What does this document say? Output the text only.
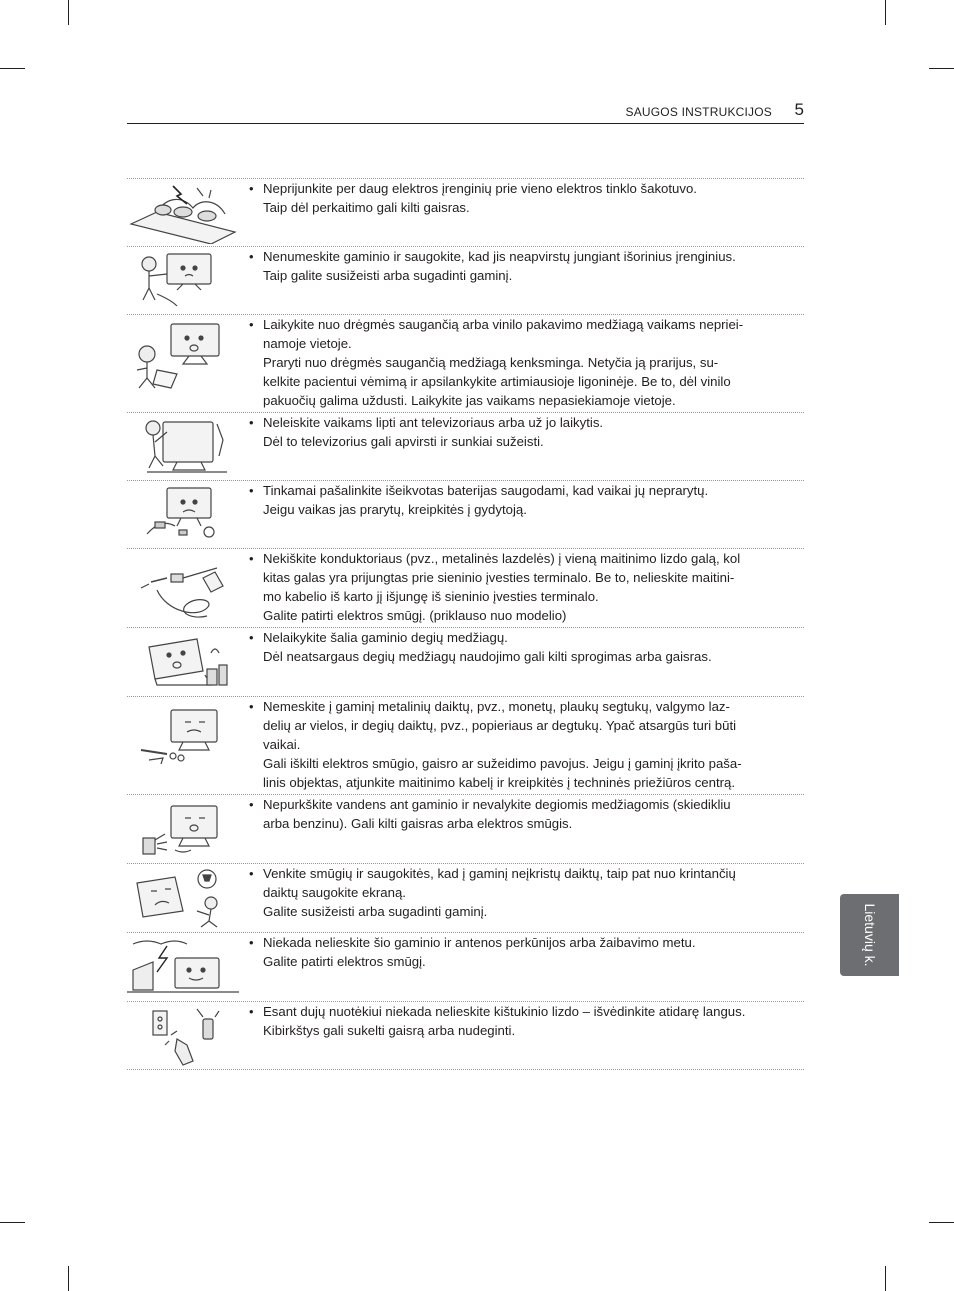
SAUGOS INSTRUKCIJOS 5
Lietuvių k.

• Neprijunkite per daug elektros įrenginių prie vieno elektros tinklo šakotuvo.
Taip dėl perkaitimo gali kilti gaisras.

• Nenumeskite gaminio ir saugokite, kad jis neapvirstų jungiant išorinius įrenginius.
Taip galite susižeisti arba sugadinti gaminį.

• Laikykite nuo drėgmės saugančią arba vinilo pakavimo medžiagą vaikams nepriei-
namoje vietoje.
Praryti nuo drėgmės saugančią medžiagą kenksminga. Netyčia ją prarijus, su-
kelkite pacientui vėmimą ir apsilankykite artimiausioje ligoninėje. Be to, dėl vinilo
pakuočių galima uždusti. Laikykite jas vaikams nepasiekiamoje vietoje.

• Neleiskite vaikams lipti ant televizoriaus arba už jo laikytis.
Dėl to televizorius gali apvirsti ir sunkiai sužeisti.

• Tinkamai pašalinkite išeikvotas baterijas saugodami, kad vaikai jų neprarytų.
Jeigu vaikas jas prarytų, kreipkitės į gydytoją.

• Nekiškite konduktoriaus (pvz., metalinės lazdelės) į vieną maitinimo lizdo galą, kol
kitas galas yra prijungtas prie sieninio įvesties terminalo. Be to, nelieskite maitini-
mo kabelio iš karto jį išjungę iš sieninio įvesties terminalo.
Galite patirti elektros smūgį. (priklauso nuo modelio)

• Nelaikykite šalia gaminio degių medžiagų.
Dėl neatsargaus degių medžiagų naudojimo gali kilti sprogimas arba gaisras.

• Nemeskite į gaminį metalinių daiktų, pvz., monetų, plaukų segtukų, valgymo laz-
delių ar vielos, ir degių daiktų, pvz., popieriaus ar degtukų. Ypač atsargūs turi būti
vaikai.
Gali iškilti elektros smūgio, gaisro ar sužeidimo pavojus. Jeigu į gaminį įkrito paša-
linis objektas, atjunkite maitinimo kabelį ir kreipkitės į techninės priežiūros centrą.

• Nepurkškite vandens ant gaminio ir nevalykite degiomis medžiagomis (skiedikliu
arba benzinu). Gali kilti gaisras arba elektros smūgis.

• Venkite smūgių ir saugokitės, kad į gaminį neįkristų daiktų, taip pat nuo krintančių
daiktų saugokite ekraną.
Galite susižeisti arba sugadinti gaminį.

• Niekada nelieskite šio gaminio ir antenos perkūnijos arba žaibavimo metu.
Galite patirti elektros smūgį.

• Esant dujų nuotėkiui niekada nelieskite kištukinio lizdo – išvėdinkite atidarę langus.
Kibirkštys gali sukelti gaisrą arba nudeginti.
